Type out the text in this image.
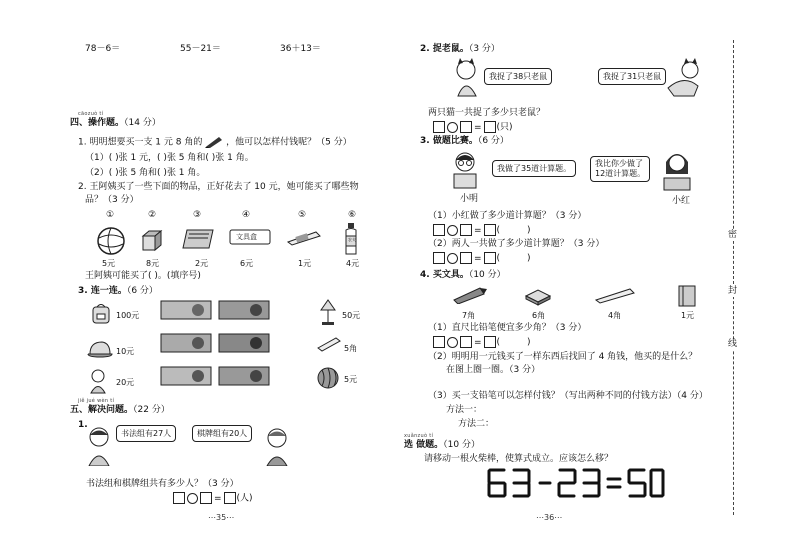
78－6＝	55－21＝	36＋13＝
cāozuò tí
四、操作题。（14 分）
1. 明明想要买一支 1 元 8 角的	，他可以怎样付钱呢？（5 分）
（1）( )张 1 元，( )张 5 角和( )张 1 角。
（2）( )张 5 角和( )张 1 角。
2. 王阿姨买了一些下面的物品，正好花去了 10 元，她可能买了哪些物
品？（3 分）
①	②	③	④	⑤	⑥
文具盒	农夫
5元	8元	2元	6元	1元	4元
王阿姨可能买了( )。(填序号)
3. 连一连。（6 分）
100元
10元
20元
50元
5角
5元
jiě jué wèn tí
五、解决问题。（22 分）
1.
书法组有27人	棋牌组有20人
书法组和棋牌组共有多少人？（3 分）
= (人)
⋯35⋯
2. 捉老鼠。（3 分）
我捉了38只老鼠	我捉了31只老鼠
两只猫一共捉了多少只老鼠？
= (只)
3. 做题比赛。（6 分）
我做了35道计算题。
我比你少做了
12道计算题。
小明	小红
（1）小红做了多少道计算题？（3 分）
= (　　　)
（2）两人一共做了多少道计算题？（3 分）
= (　　　)
4. 买文具。（10 分）
7角	6角	4角	1元
（1）直尺比铅笔便宜多少角？（3 分）
= (　　　)
（2）明明用一元钱买了一样东西后找回了 4 角钱，他买的是什么？
在图上圈一圈。（3 分）
（3）买一支铅笔可以怎样付钱？（写出两种不同的付钱方法）（4 分）
方法一：
方法二：
xuǎnzuò tí
选 做题。（10 分）
请移动一根火柴棒，使算式成立。应该怎么移？
⋯36⋯
密
封
线
